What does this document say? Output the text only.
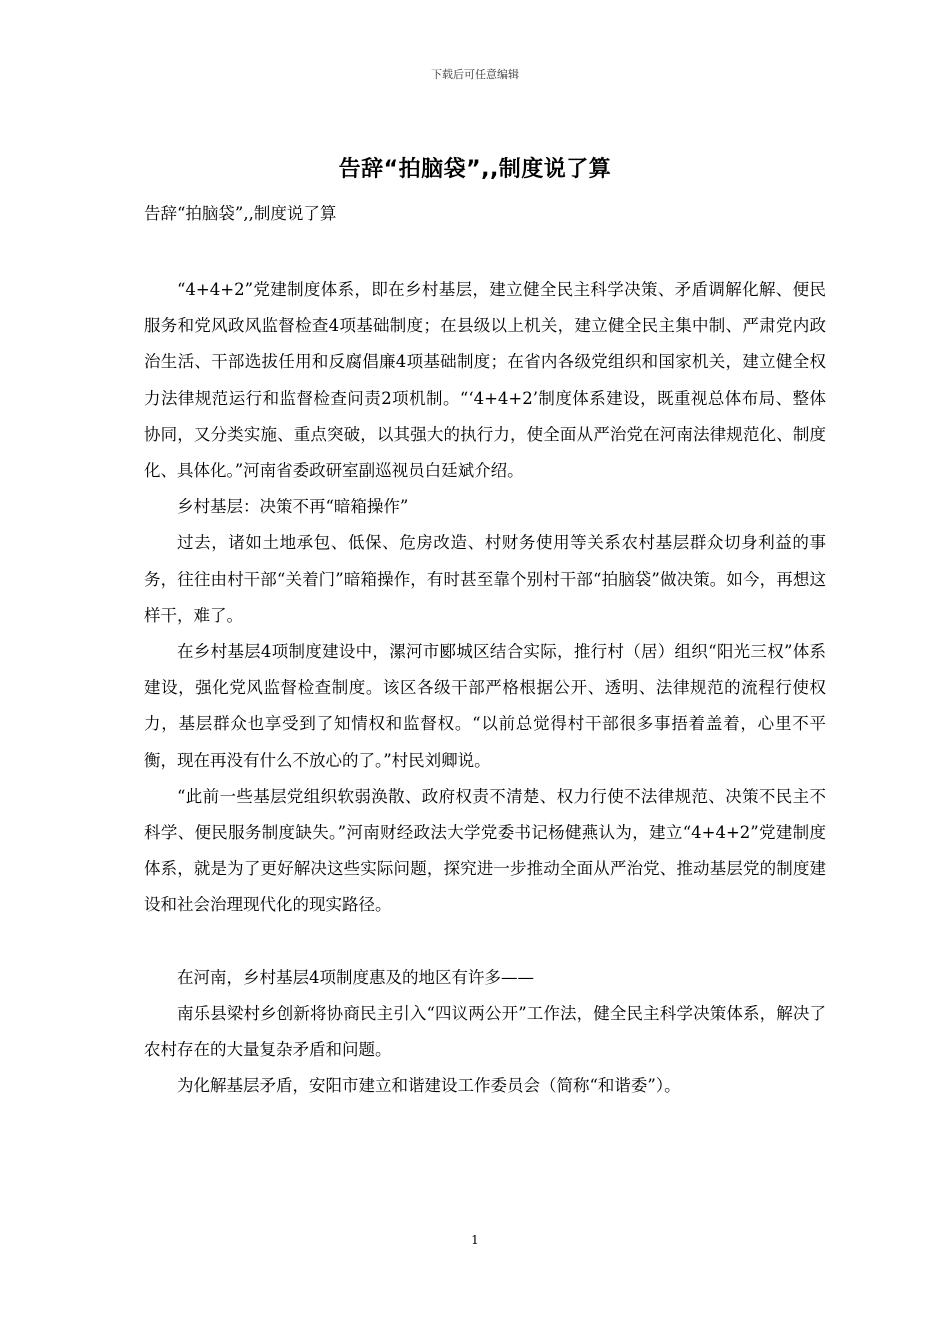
下载后可任意编辑
告辞“拍脑袋”,,制度说了算
告辞“拍脑袋”,,制度说了算

“4+4+2”党建制度体系，即在乡村基层，建立健全民主科学决策、矛盾调解化解、便民服务和党风政风监督检查4项基础制度；在县级以上机关，建立健全民主集中制、严肃党内政治生活、干部选拔任用和反腐倡廉4项基础制度；在省内各级党组织和国家机关，建立健全权力法律规范运行和监督检查问责2项机制。“‘4+4+2’制度体系建设，既重视总体布局、整体协同，又分类实施、重点突破，以其强大的执行力，使全面从严治党在河南法律规范化、制度化、具体化。”河南省委政研室副巡视员白廷斌介绍。

乡村基层：决策不再“暗箱操作”

过去，诸如土地承包、低保、危房改造、村财务使用等关系农村基层群众切身利益的事务，往往由村干部“关着门”暗箱操作，有时甚至靠个别村干部“拍脑袋”做决策。如今，再想这样干，难了。

在乡村基层4项制度建设中，漯河市郾城区结合实际，推行村（居）组织“阳光三权”体系建设，强化党风监督检查制度。该区各级干部严格根据公开、透明、法律规范的流程行使权力，基层群众也享受到了知情权和监督权。“以前总觉得村干部很多事捂着盖着，心里不平衡，现在再没有什么不放心的了。”村民刘卿说。

“此前一些基层党组织软弱涣散、政府权责不清楚、权力行使不法律规范、决策不民主不科学、便民服务制度缺失。”河南财经政法大学党委书记杨健燕认为，建立“4+4+2”党建制度体系，就是为了更好解决这些实际问题，探究进一步推动全面从严治党、推动基层党的制度建设和社会治理现代化的现实路径。

在河南，乡村基层4项制度惠及的地区有许多——

南乐县梁村乡创新将协商民主引入“四议两公开”工作法，健全民主科学决策体系，解决了农村存在的大量复杂矛盾和问题。

为化解基层矛盾，安阳市建立和谐建设工作委员会（简称“和谐委”）。

1
